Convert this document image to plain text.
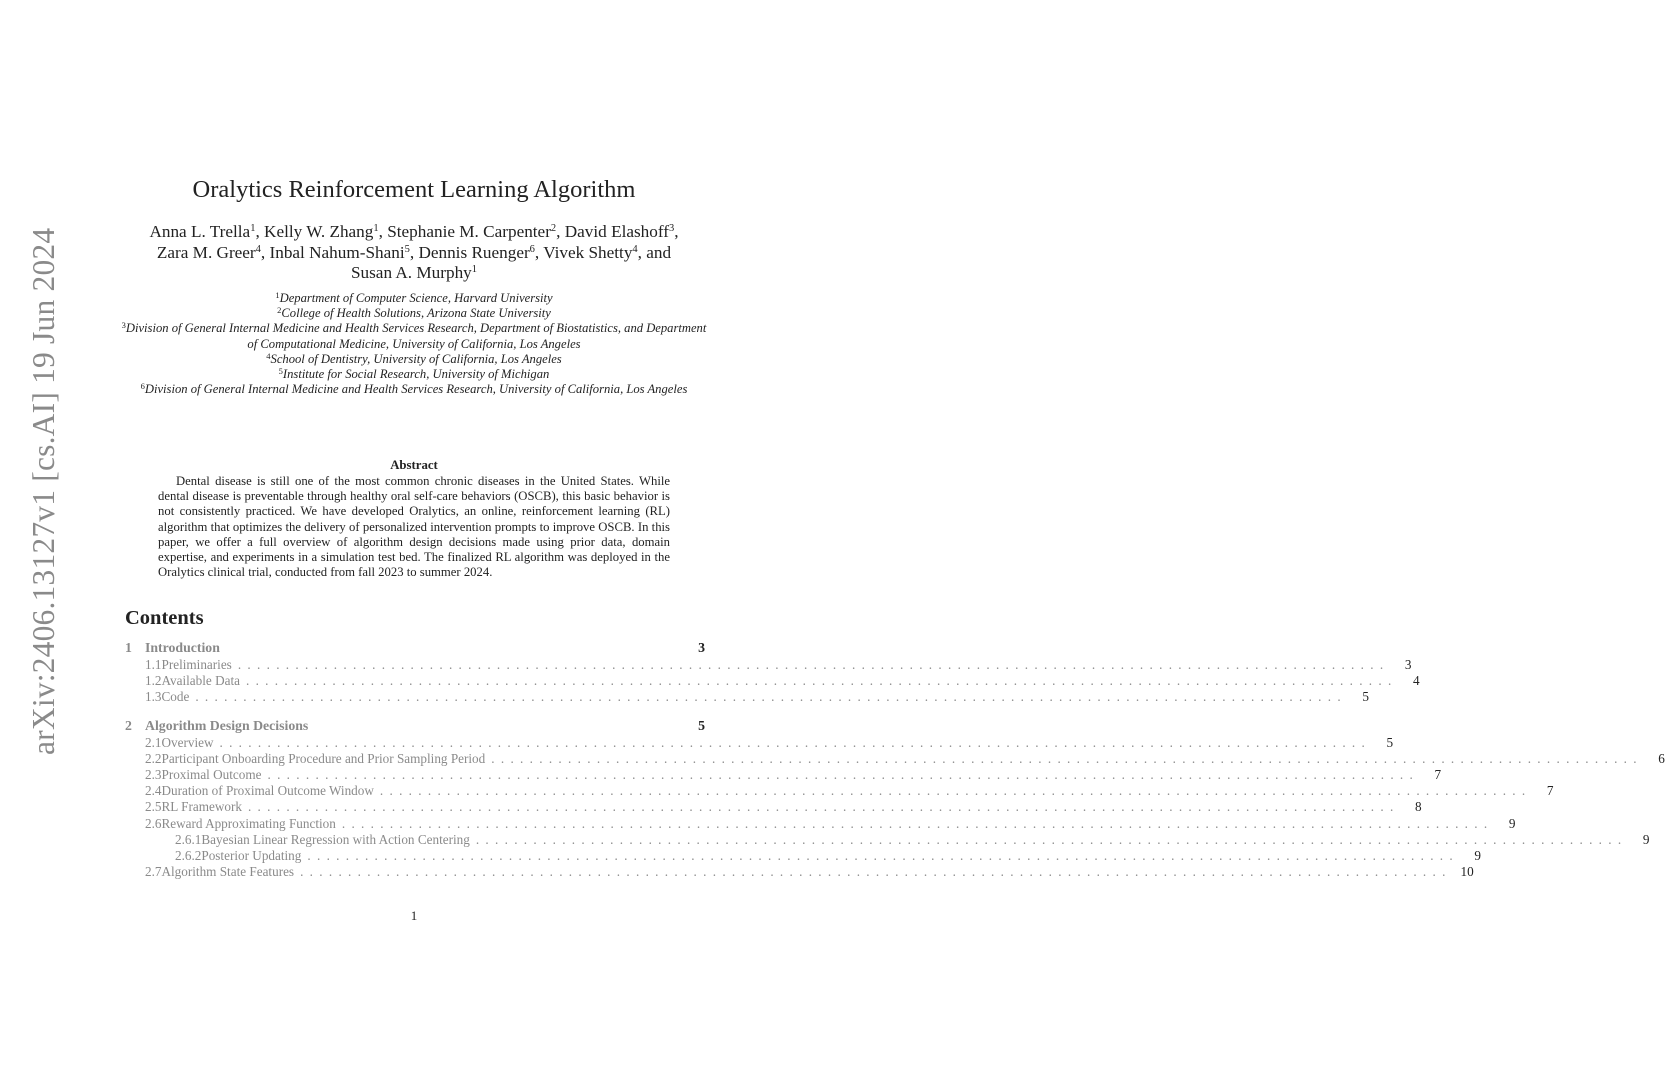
arXiv:2406.13127v1 [cs.AI] 19 Jun 2024
Oralytics Reinforcement Learning Algorithm
Anna L. Trella$^1$, Kelly W. Zhang$^1$, Stephanie M. Carpenter$^2$, David Elashoff$^3$, Zara M. Greer$^4$, Inbal Nahum-Shani$^5$, Dennis Ruenger$^6$, Vivek Shetty$^4$, and Susan A. Murphy$^1$
$^1$Department of Computer Science, Harvard University
$^2$College of Health Solutions, Arizona State University
$^3$Division of General Internal Medicine and Health Services Research, Department of Biostatistics, and Department of Computational Medicine, University of California, Los Angeles
$^4$School of Dentistry, University of California, Los Angeles
$^5$Institute for Social Research, University of Michigan
$^6$Division of General Internal Medicine and Health Services Research, University of California, Los Angeles
Abstract
Dental disease is still one of the most common chronic diseases in the United States. While dental disease is preventable through healthy oral self-care behaviors (OSCB), this basic behavior is not consistently practiced. We have developed Oralytics, an online, reinforcement learning (RL) algorithm that optimizes the delivery of personalized intervention prompts to improve OSCB. In this paper, we offer a full overview of algorithm design decisions made using prior data, domain expertise, and experiments in a simulation test bed. The finalized RL algorithm was deployed in the Oralytics clinical trial, conducted from fall 2023 to summer 2024.
Contents
1 Introduction	3
1.1 Preliminaries ........................................................................................................................	3
1.2 Available Data ........................................................................................................................	4
1.3 Code ........................................................................................................................	5
2 Algorithm Design Decisions	5
2.1 Overview ........................................................................................................................	5
2.2 Participant Onboarding Procedure and Prior Sampling Period ........................................................................................................................	6
2.3 Proximal Outcome ........................................................................................................................	7
2.4 Duration of Proximal Outcome Window ........................................................................................................................	7
2.5 RL Framework ........................................................................................................................	8
2.6 Reward Approximating Function ........................................................................................................................	9
2.6.1 Bayesian Linear Regression with Action Centering ........................................................................................................................	9
2.6.2 Posterior Updating ........................................................................................................................	9
2.7 Algorithm State Features ........................................................................................................................ 10
1
